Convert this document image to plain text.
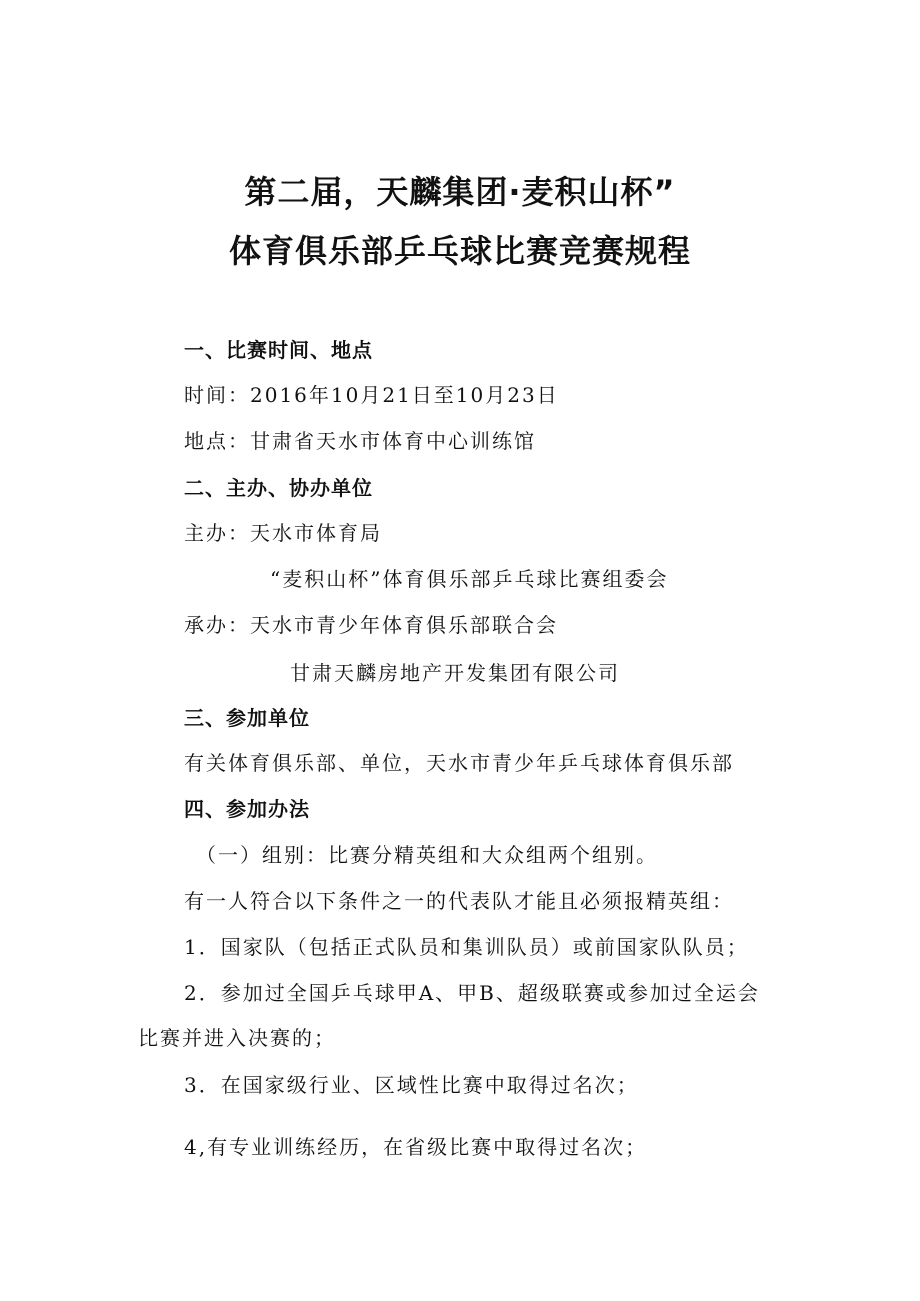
第二届，天麟集团·麦积山杯”
体育俱乐部乒乓球比赛竞赛规程
一、比赛时间、地点
时间：2016年10月21日至10月23日
地点：甘肃省天水市体育中心训练馆
二、主办、协办单位
主办：天水市体育局
“麦积山杯”体育俱乐部乒乓球比赛组委会
承办：天水市青少年体育俱乐部联合会
甘肃天麟房地产开发集团有限公司
三、参加单位
有关体育俱乐部、单位，天水市青少年乒乓球体育俱乐部
四、参加办法
（一）组别：比赛分精英组和大众组两个组别。
有一人符合以下条件之一的代表队才能且必须报精英组：
1．国家队（包括正式队员和集训队员）或前国家队队员；
2．参加过全国乒乓球甲A、甲B、超级联赛或参加过全运会
比赛并进入决赛的；
3．在国家级行业、区域性比赛中取得过名次；
4,有专业训练经历，在省级比赛中取得过名次；
